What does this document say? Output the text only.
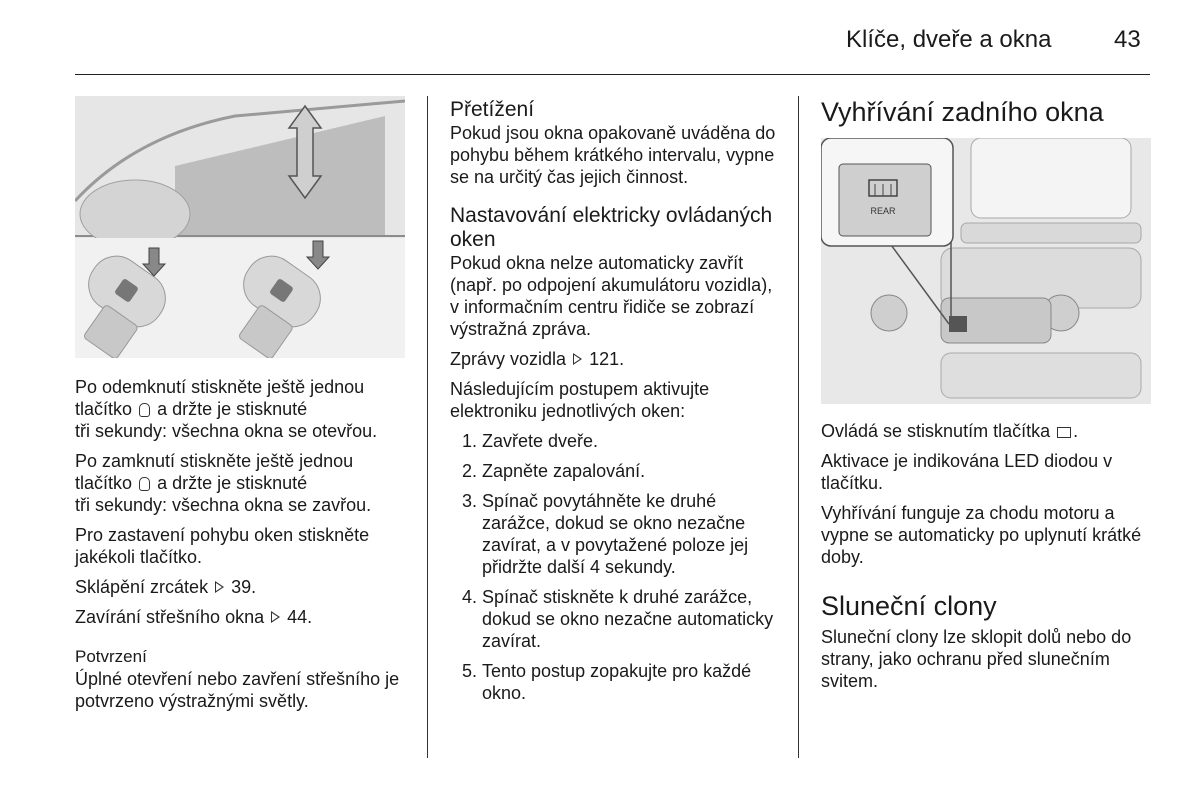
Klíče, dveře a okna	43

Po odemknutí stiskněte ještě jednou
tlačítko a držte je stisknuté
tři sekundy: všechna okna se otevřou.

Po zamknutí stiskněte ještě jednou
tlačítko a držte je stisknuté
tři sekundy: všechna okna se zavřou.

Pro zastavení pohybu oken stiskněte jakékoli tlačítko.

Sklápění zrcátek 39.

Zavírání střešního okna 44.

Potvrzení

Úplné otevření nebo zavření střešního je potvrzeno výstražnými světly.

Přetížení

Pokud jsou okna opakovaně uváděna do pohybu během krátkého intervalu, vypne se na určitý čas jejich činnost.

Nastavování elektricky ovládaných oken

Pokud okna nelze automaticky zavřít (např. po odpojení akumulátoru vozidla), v informačním centru řidiče se zobrazí výstražná zpráva.

Zprávy vozidla 121.

Následujícím postupem aktivujte elektroniku jednotlivých oken:

1. Zavřete dveře.
2. Zapněte zapalování.
3. Spínač povytáhněte ke druhé zarážce, dokud se okno nezačne zavírat, a v povytažené poloze jej přidržte další 4 sekundy.
4. Spínač stiskněte k druhé zarážce, dokud se okno nezačne automaticky zavírat.
5. Tento postup zopakujte pro každé okno.
Vyhřívání zadního okna
REAR

Ovládá se stisknutím tlačítka .

Aktivace je indikována LED diodou v tlačítku.

Vyhřívání funguje za chodu motoru a vypne se automaticky po uplynutí krátké doby.

Sluneční clony

Sluneční clony lze sklopit dolů nebo do strany, jako ochranu před slunečním svitem.
